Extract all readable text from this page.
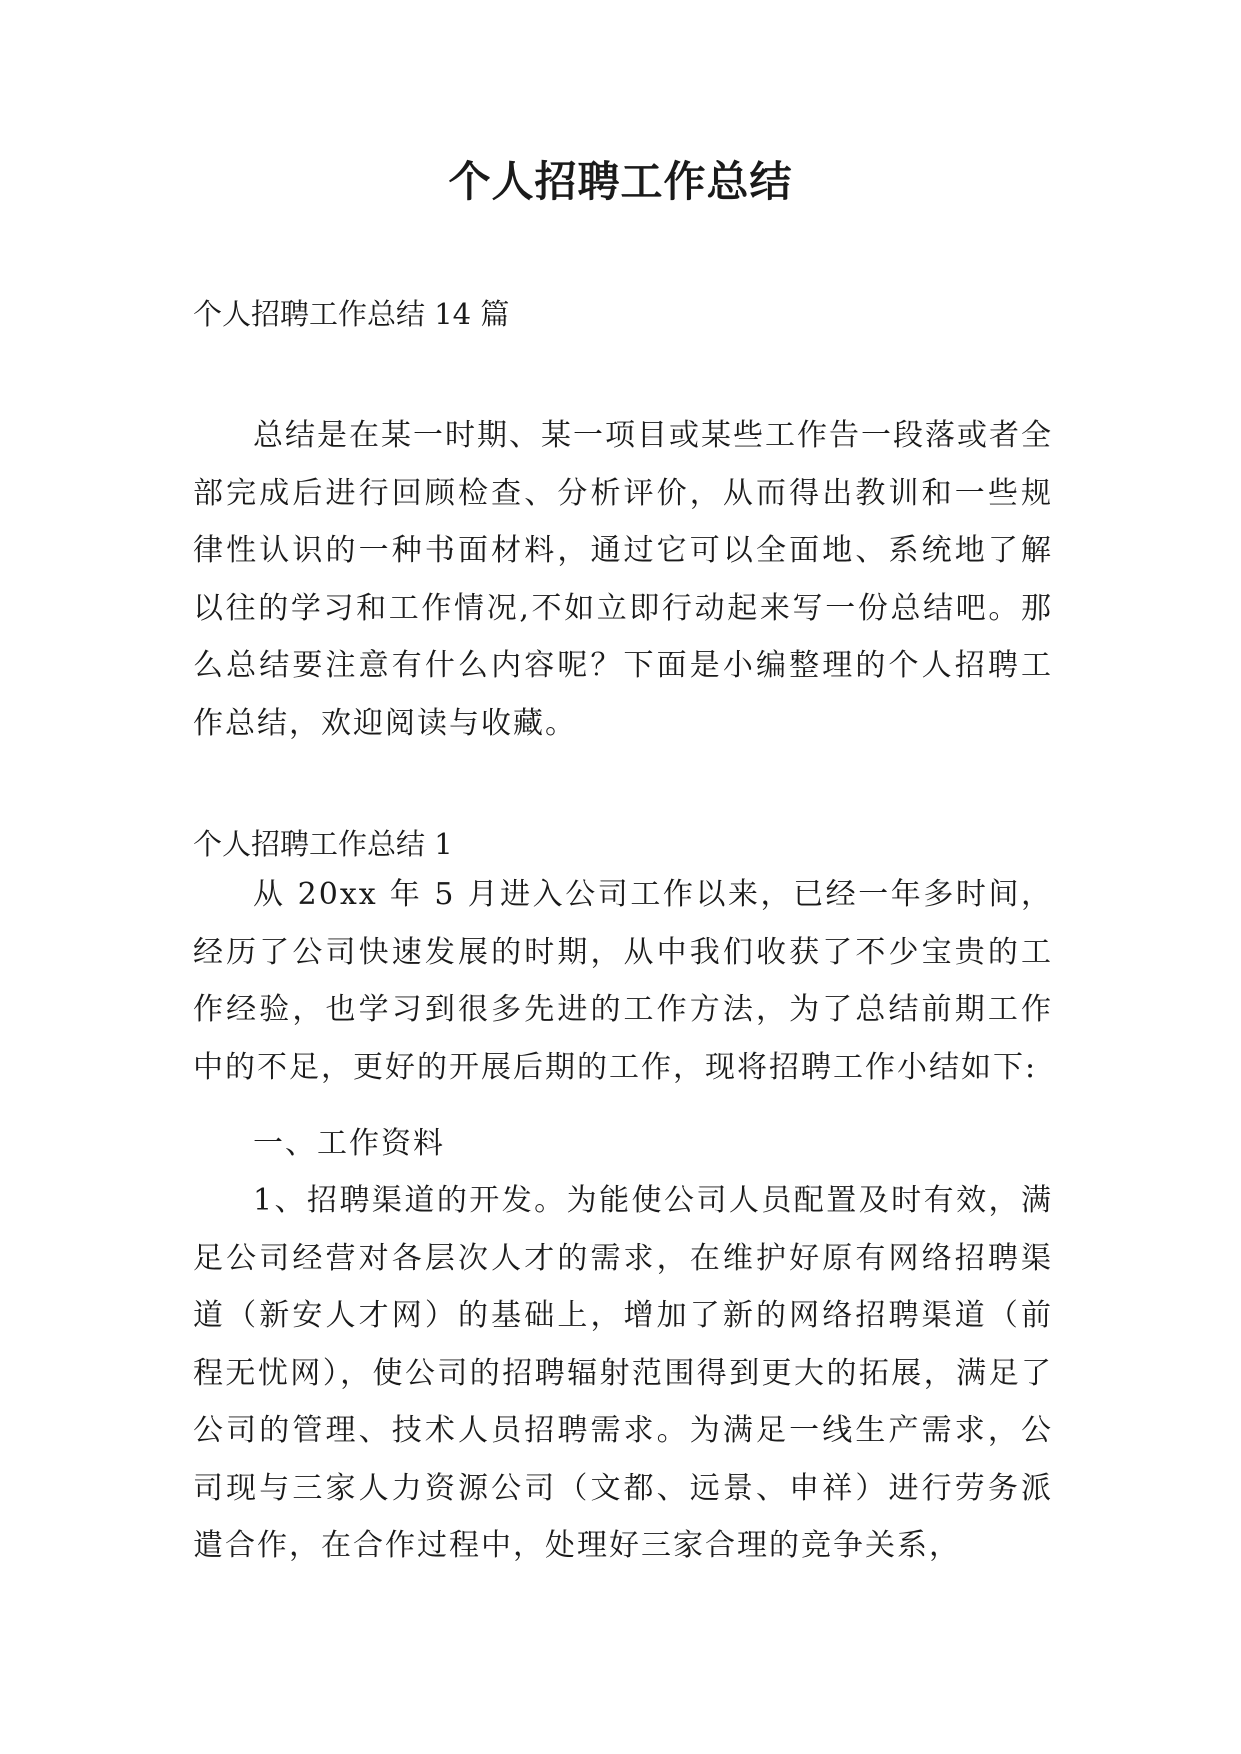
个人招聘工作总结

个人招聘工作总结 14 篇

总结是在某一时期、某一项目或某些工作告一段落或者全部完成后进行回顾检查、分析评价，从而得出教训和一些规律性认识的一种书面材料，通过它可以全面地、系统地了解以往的学习和工作情况,不如立即行动起来写一份总结吧。那么总结要注意有什么内容呢？下面是小编整理的个人招聘工作总结，欢迎阅读与收藏。

个人招聘工作总结 1

从 20xx 年 5 月进入公司工作以来，已经一年多时间，经历了公司快速发展的时期，从中我们收获了不少宝贵的工作经验，也学习到很多先进的工作方法，为了总结前期工作中的不足，更好的开展后期的工作，现将招聘工作小结如下:

一、工作资料

1、招聘渠道的开发。为能使公司人员配置及时有效，满足公司经营对各层次人才的需求，在维护好原有网络招聘渠道（新安人才网）的基础上，增加了新的网络招聘渠道（前程无忧网），使公司的招聘辐射范围得到更大的拓展，满足了公司的管理、技术人员招聘需求。为满足一线生产需求，公司现与三家人力资源公司（文都、远景、申祥）进行劳务派遣合作，在合作过程中，处理好三家合理的竞争关系，
